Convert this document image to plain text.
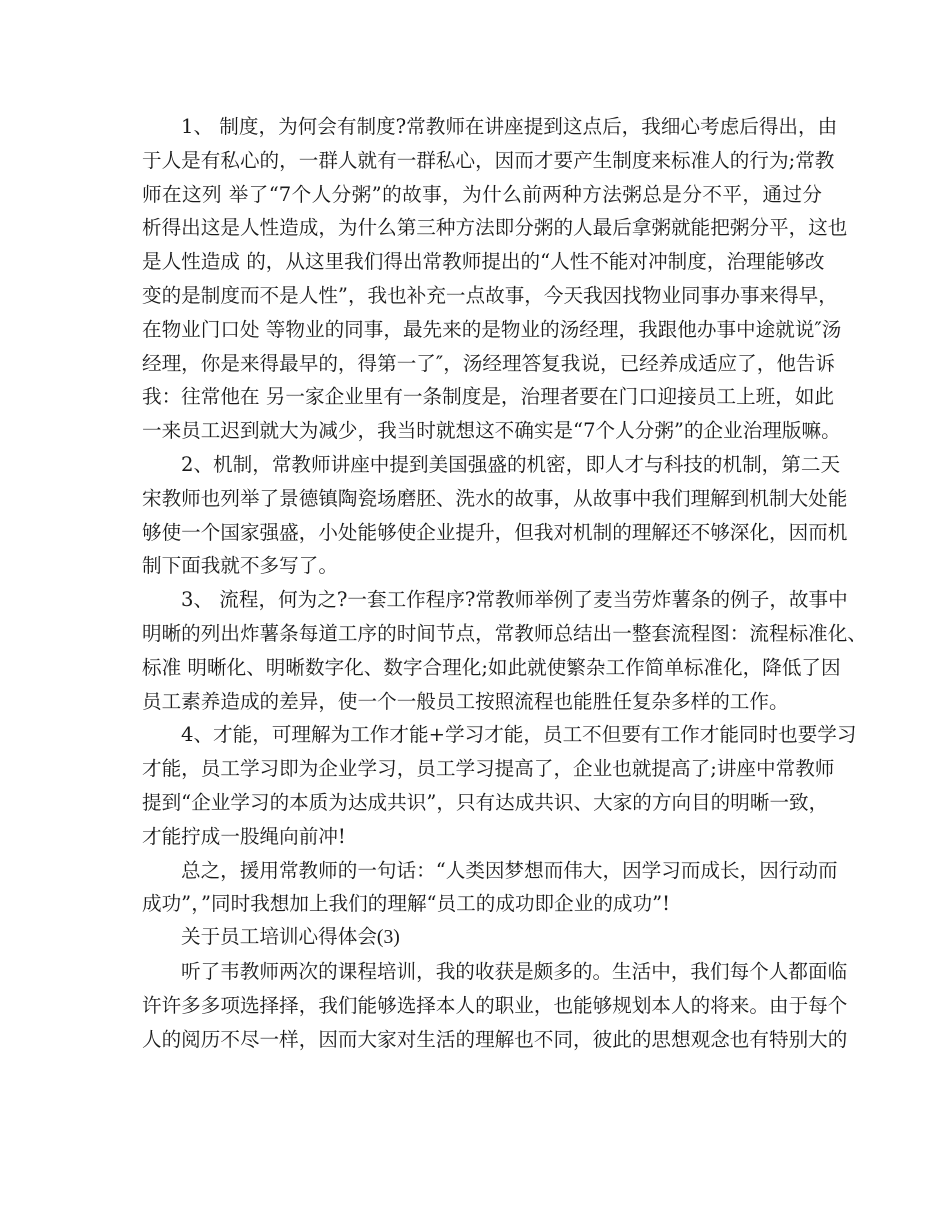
1、 制度，为何会有制度?常教师在讲座提到这点后，我细心考虑后得出，由
于人是有私心的，一群人就有一群私心，因而才要产生制度来标准人的行为;常教
师在这列 举了“7个人分粥”的故事，为什么前两种方法粥总是分不平，通过分
析得出这是人性造成，为什么第三种方法即分粥的人最后拿粥就能把粥分平，这也
是人性造成 的，从这里我们得出常教师提出的“人性不能对冲制度，治理能够改
变的是制度而不是人性”，我也补充一点故事，今天我因找物业同事办事来得早，
在物业门口处 等物业的同事，最先来的是物业的汤经理，我跟他办事中途就说″汤
经理，你是来得最早的，得第一了″，汤经理答复我说，已经养成适应了，他告诉
我：往常他在 另一家企业里有一条制度是，治理者要在门口迎接员工上班，如此
一来员工迟到就大为减少，我当时就想这不确实是“7个人分粥”的企业治理版嘛。
2、机制，常教师讲座中提到美国强盛的机密，即人才与科技的机制，第二天
宋教师也列举了景德镇陶瓷场磨胚、洗水的故事，从故事中我们理解到机制大处能
够使一个国家强盛，小处能够使企业提升，但我对机制的理解还不够深化，因而机
制下面我就不多写了。
3、 流程，何为之?一套工作程序?常教师举例了麦当劳炸薯条的例子，故事中
明晰的列出炸薯条每道工序的时间节点，常教师总结出一整套流程图：流程标准化、
标准 明晰化、明晰数字化、数字合理化;如此就使繁杂工作简单标准化，降低了因
员工素养造成的差异，使一个一般员工按照流程也能胜任复杂多样的工作。
4、才能，可理解为工作才能+学习才能，员工不但要有工作才能同时也要学习
才能，员工学习即为企业学习，员工学习提高了，企业也就提高了;讲座中常教师
提到“企业学习的本质为达成共识”，只有达成共识、大家的方向目的明晰一致，
才能拧成一股绳向前冲!
总之，援用常教师的一句话：“人类因梦想而伟大，因学习而成长，因行动而
成功”，”同时我想加上我们的理解“员工的成功即企业的成功”!
关于员工培训心得体会(3)
听了韦教师两次的课程培训，我的收获是颇多的。生活中，我们每个人都面临
许许多多项选择择，我们能够选择本人的职业，也能够规划本人的将来。由于每个
人的阅历不尽一样，因而大家对生活的理解也不同，彼此的思想观念也有特别大的
